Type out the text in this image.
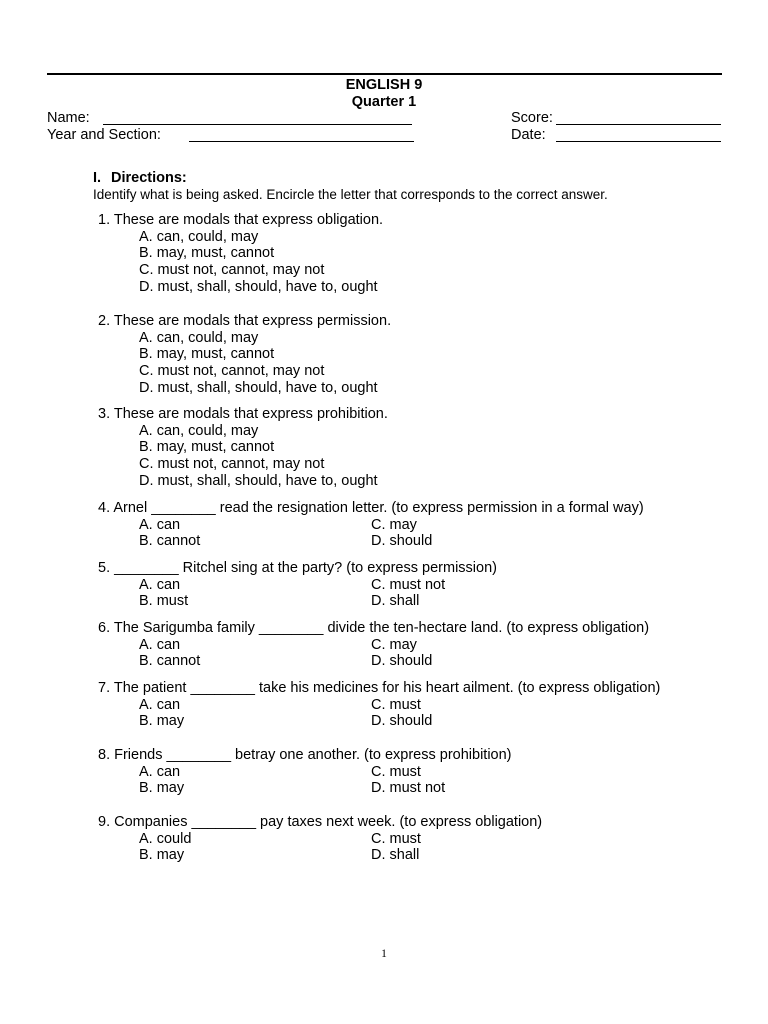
ENGLISH 9
Quarter 1
Name:	Score:
Year and Section:	Date:
I. Directions:
Identify what is being asked. Encircle the letter that corresponds to the correct answer.
1. These are modals that express obligation.
A. can, could, may
B. may, must, cannot
C. must not, cannot, may not
D. must, shall, should, have to, ought
2. These are modals that express permission.
A. can, could, may
B. may, must, cannot
C. must not, cannot, may not
D. must, shall, should, have to, ought
3. These are modals that express prohibition.
A. can, could, may
B. may, must, cannot
C. must not, cannot, may not
D. must, shall, should, have to, ought
4. Arnel ________ read the resignation letter. (to express permission in a formal way)
A. can	C. may
B. cannot	D. should
5. ________ Ritchel sing at the party? (to express permission)
A. can	C. must not
B. must	D. shall
6. The Sarigumba family ________ divide the ten-hectare land. (to express obligation)
A. can	C. may
B. cannot	D. should
7. The patient ________ take his medicines for his heart ailment. (to express obligation)
A. can	C. must
B. may	D. should
8. Friends ________ betray one another. (to express prohibition)
A. can	C. must
B. may	D. must not
9. Companies ________ pay taxes next week. (to express obligation)
A. could	C. must
B. may	D. shall
1
